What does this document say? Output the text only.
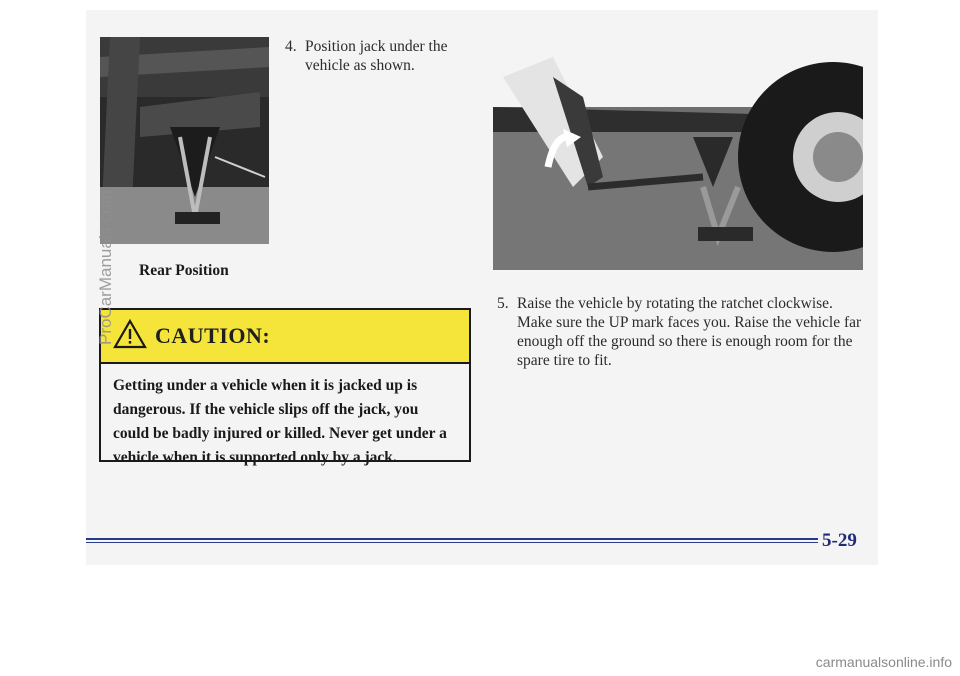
4. Position jack under the vehicle as shown.
Rear Position
5. Raise the vehicle by rotating the ratchet clockwise. Make sure the UP mark faces you. Raise the vehicle far enough off the ground so there is enough room for the spare tire to fit.
CAUTION:
Getting under a vehicle when it is jacked up is dangerous. If the vehicle slips off the jack, you could be badly injured or killed. Never get under a vehicle when it is supported only by a jack.
5-29
ProCarManuals.com
carmanualsonline.info
